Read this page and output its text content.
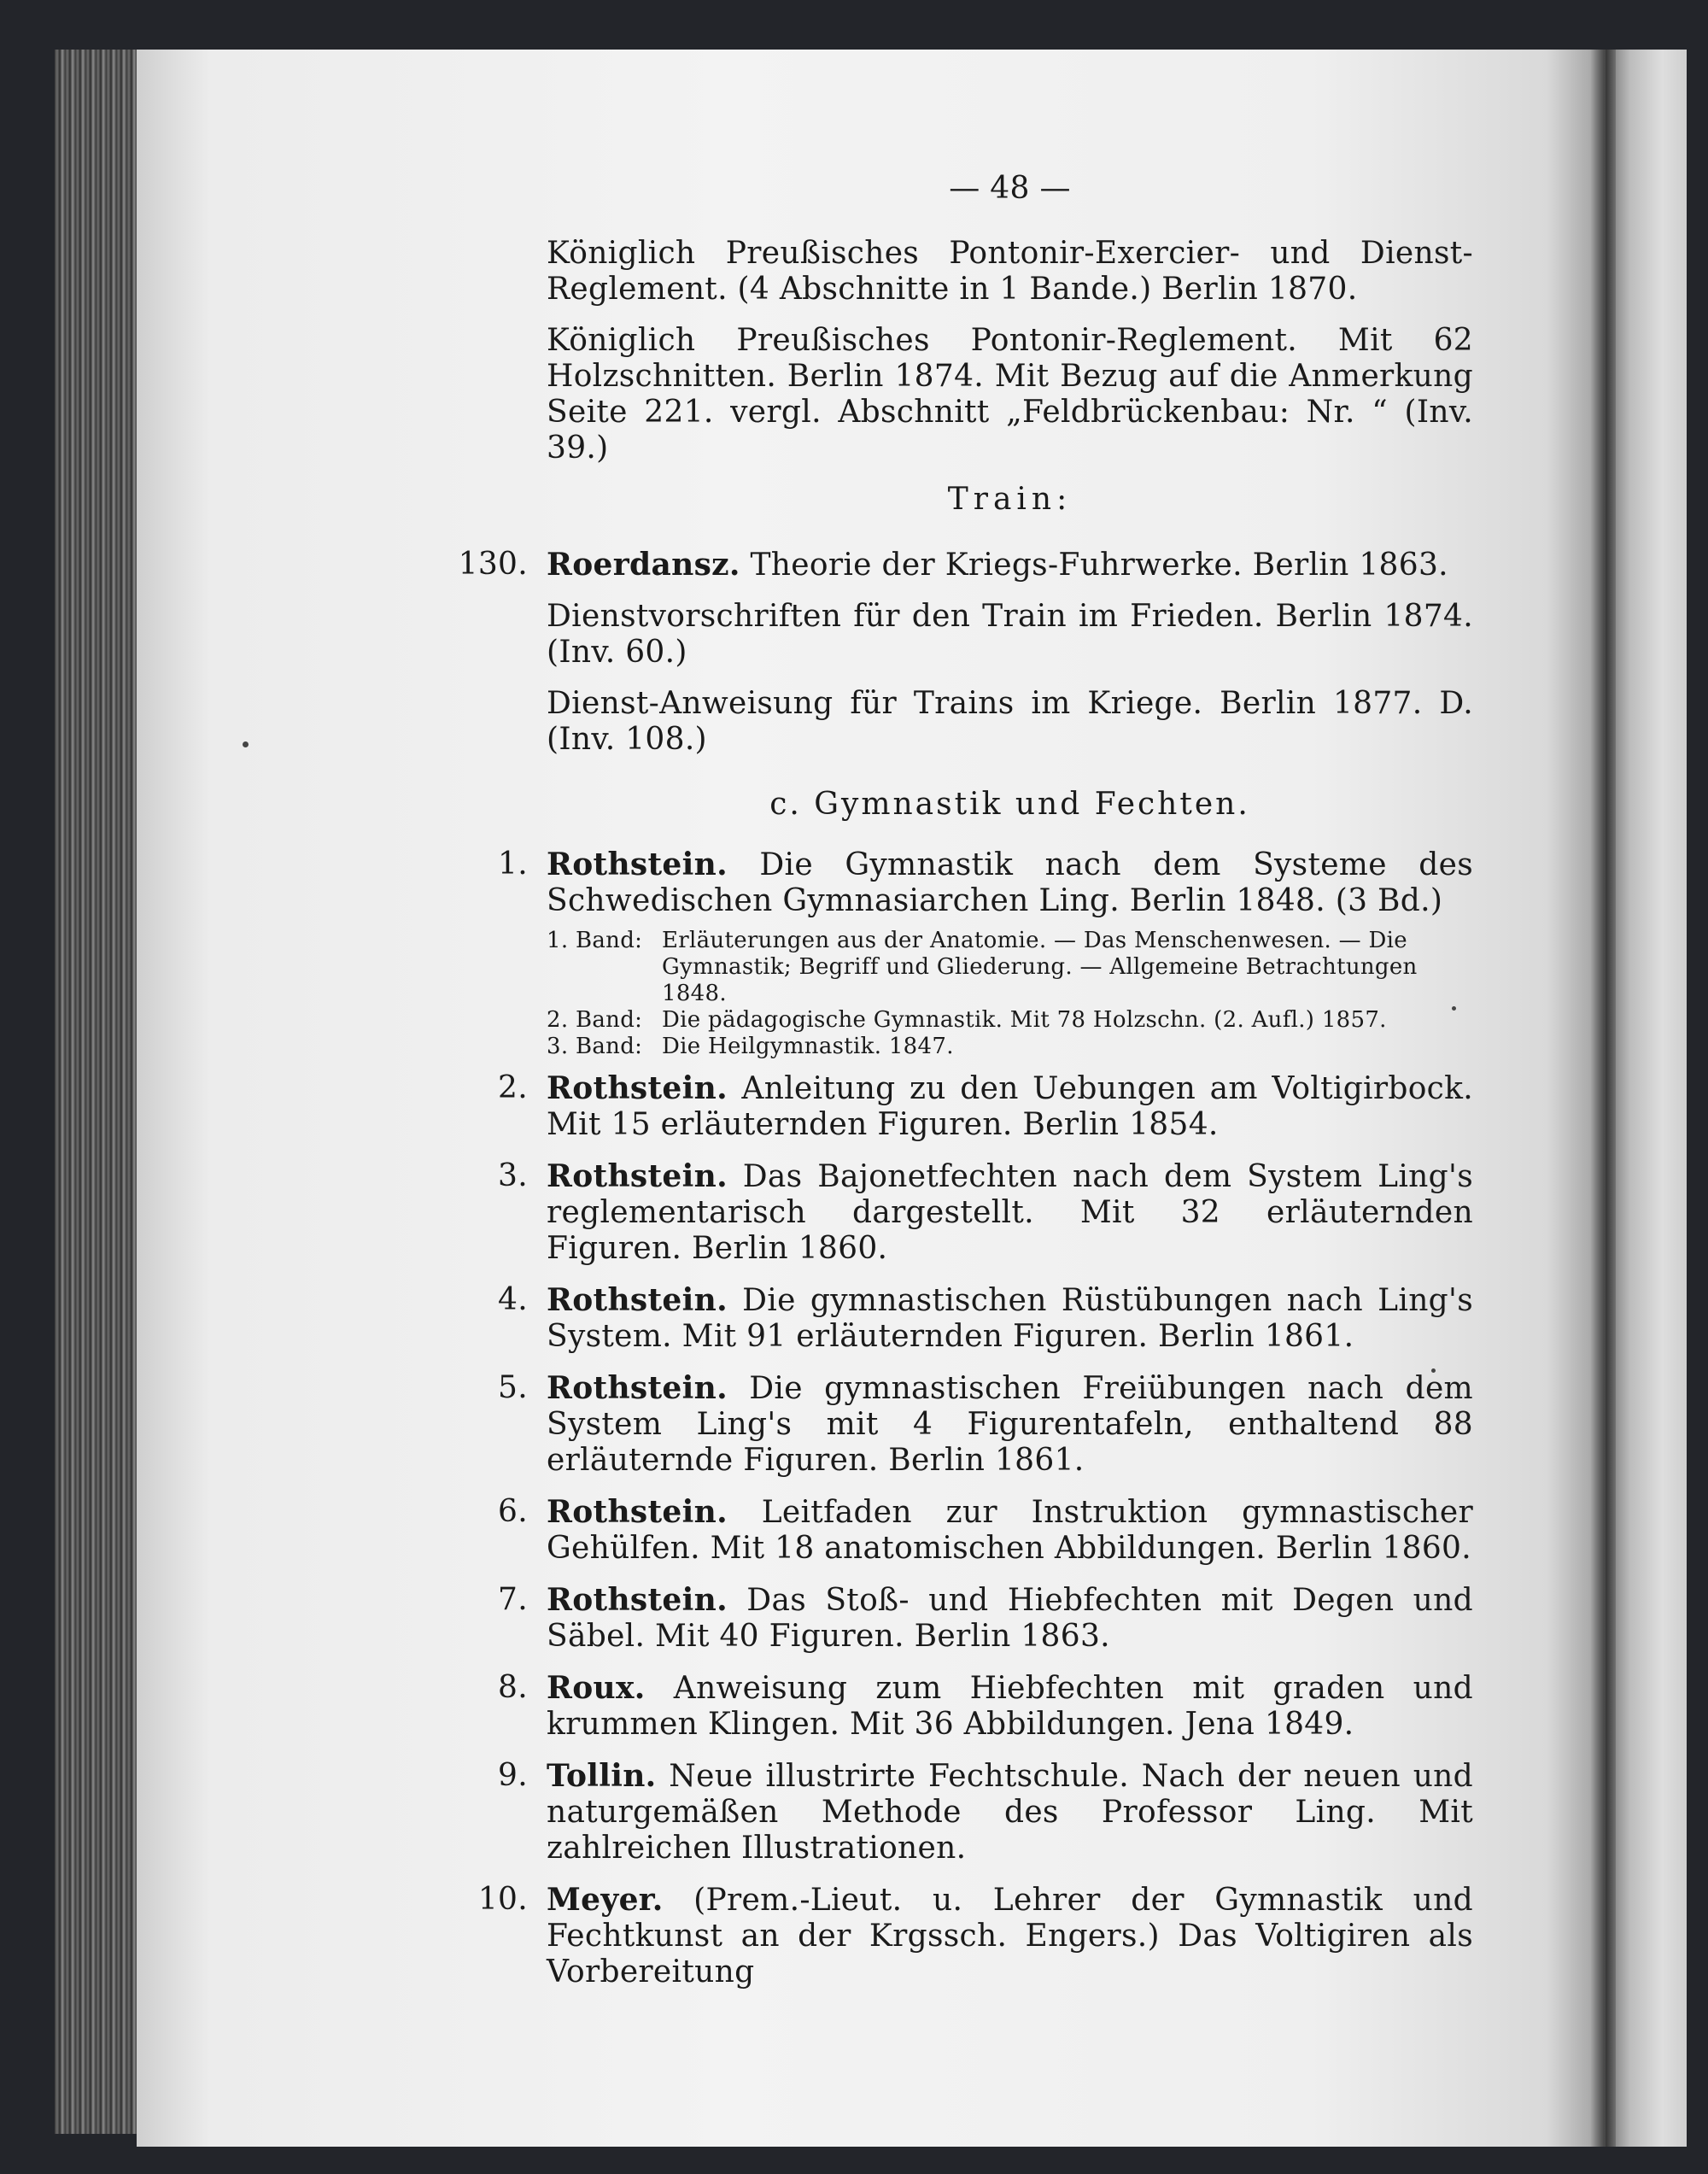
— 48 —
Königlich Preußisches Pontonir-Exercier- und Dienst-Reglement. (4 Abschnitte in 1 Bande.) Berlin 1870.
Königlich Preußisches Pontonir-Reglement. Mit 62 Holzschnitten. Berlin 1874. Mit Bezug auf die Anmerkung Seite 221. vergl. Abschnitt „Feldbrückenbau: Nr. “ (Inv. 39.)
Train:
130. Roerdansz. Theorie der Kriegs-Fuhrwerke. Berlin 1863.
Dienstvorschriften für den Train im Frieden. Berlin 1874. (Inv. 60.)
Dienst-Anweisung für Trains im Kriege. Berlin 1877. D. (Inv. 108.)
c. Gymnastik und Fechten.
1. Rothstein. Die Gymnastik nach dem Systeme des Schwedischen Gymnasiarchen Ling. Berlin 1848. (3 Bd.)
1. Band: Erläuterungen aus der Anatomie. — Das Menschenwesen. — Die Gymnastik; Begriff und Gliederung. — Allgemeine Betrachtungen 1848.
2. Band: Die pädagogische Gymnastik. Mit 78 Holzschn. (2. Aufl.) 1857.
3. Band: Die Heilgymnastik. 1847.
2. Rothstein. Anleitung zu den Uebungen am Voltigirbock. Mit 15 erläuternden Figuren. Berlin 1854.
3. Rothstein. Das Bajonetfechten nach dem System Ling's reglementarisch dargestellt. Mit 32 erläuternden Figuren. Berlin 1860.
4. Rothstein. Die gymnastischen Rüstübungen nach Ling's System. Mit 91 erläuternden Figuren. Berlin 1861.
5. Rothstein. Die gymnastischen Freiübungen nach dem System Ling's mit 4 Figurentafeln, enthaltend 88 erläuternde Figuren. Berlin 1861.
6. Rothstein. Leitfaden zur Instruktion gymnastischer Gehülfen. Mit 18 anatomischen Abbildungen. Berlin 1860.
7. Rothstein. Das Stoß- und Hiebfechten mit Degen und Säbel. Mit 40 Figuren. Berlin 1863.
8. Roux. Anweisung zum Hiebfechten mit graden und krummen Klingen. Mit 36 Abbildungen. Jena 1849.
9. Tollin. Neue illustrirte Fechtschule. Nach der neuen und naturgemäßen Methode des Professor Ling. Mit zahlreichen Illustrationen.
10. Meyer. (Prem.-Lieut. u. Lehrer der Gymnastik und Fechtkunst an der Krgssch. Engers.) Das Voltigiren als Vorbereitung
